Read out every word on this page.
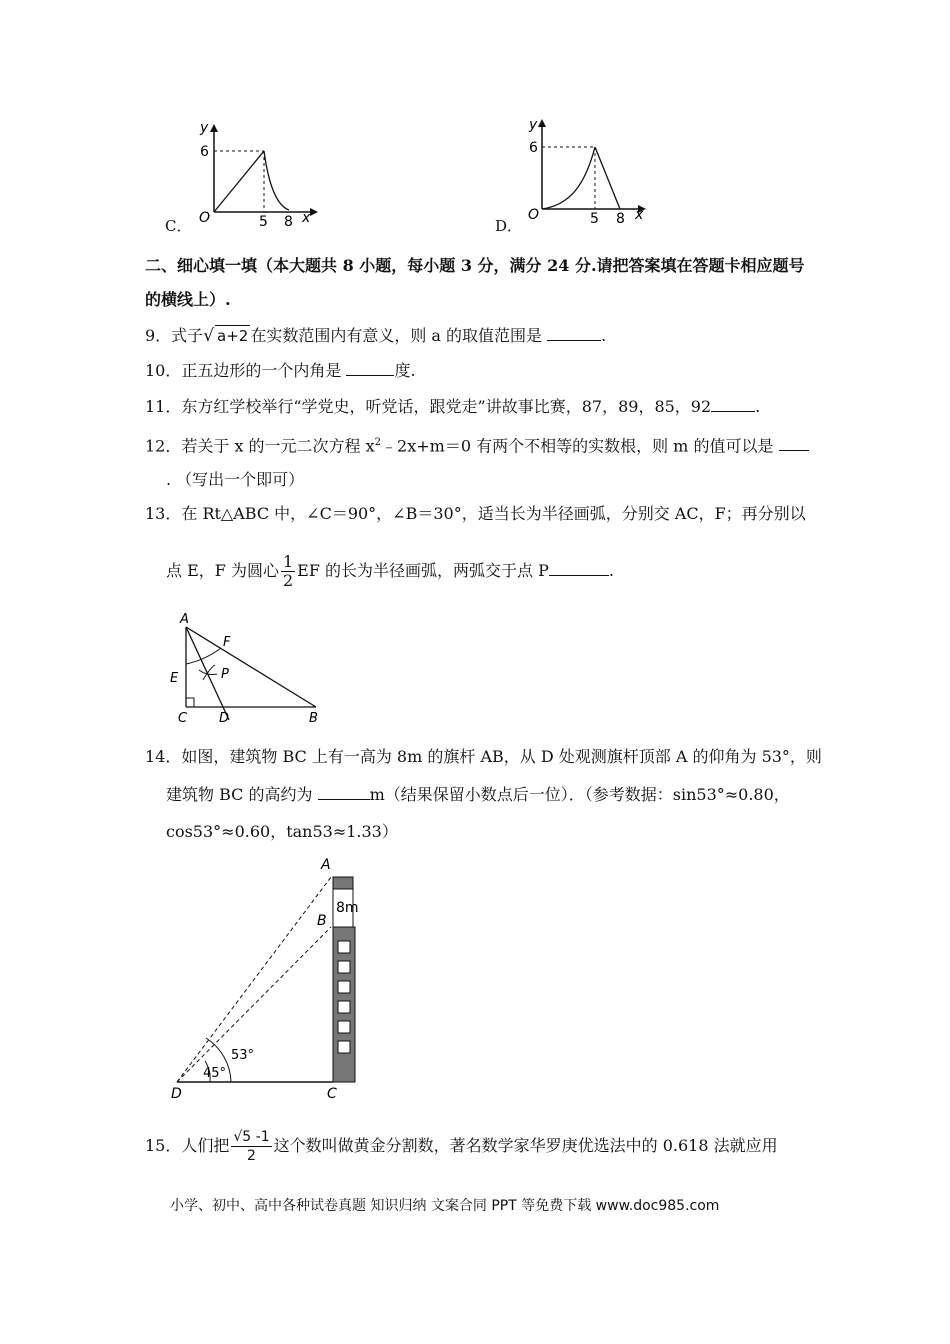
C．
y
6
O	5 8 x	D．
y
6
O	5 8 x
二、细心填一填（本大题共 8 小题，每小题 3 分，满分 24 分.请把答案填在答题卡相应题号
的横线上）.
9．式子√ a+2 在实数范围内有意义，则 a 的取值范围是	.
10．正五边形的一个内角是	度.
11．东方红学校举行“学党史，听党话，跟党走”讲故事比赛，87，89，85，92	.
12．若关于 x 的一元二次方程 $x^2﹣2x+m=0$ 有两个不相等的实数根，则 m 的值可以是
. （写出一个即可）
13．在 Rt△ABC 中，∠C＝90°，∠B＝30°，适当长为半径画弧，分别交 AC，F；再分别以
点 E，F 为圆心 $\frac{1}{2}$ EF 的长为半径画弧，两弧交于点 P	.
A
F
P
E
C D	B
14．如图，建筑物 BC 上有一高为 8m 的旗杆 AB，从 D 处观测旗杆顶部 A 的仰角为 53°，则
建筑物 BC 的高约为	m（结果保留小数点后一位）．（参考数据：sin53°≈0.80，
cos53°≈0.60，tan53≈1.33）
A
8m
B
53°
45°
D	C
15．人们把 $\frac{√5 -1}{2}$ 这个数叫做黄金分割数，著名数学家华罗庚优选法中的 0.618 法就应用
小学、初中、高中各种试卷真题 知识归纳 文案合同 PPT 等免费下载 www.doc985.com
